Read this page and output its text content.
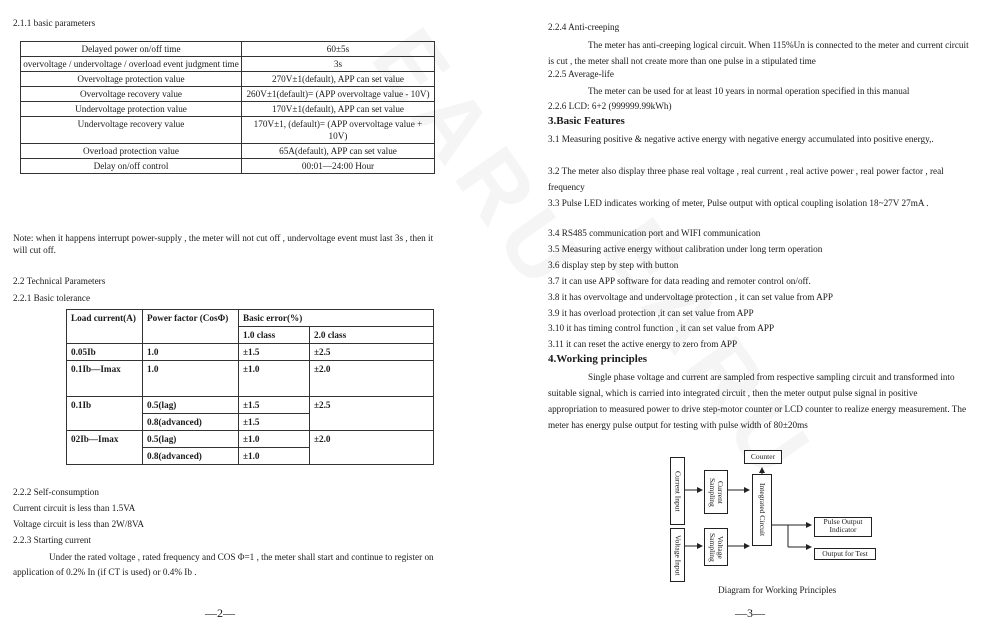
2.1.1 basic parameters
Delayed power on/off time	60±5s
overvoltage / undervoltage / overload event judgment time	3s
Overvoltage protection value	270V±1(default), APP can set value
Overvoltage recovery value	260V±1(default)= (APP overvoltage value - 10V)
Undervoltage protection value	170V±1(default), APP can set value
Undervoltage recovery value	170V±1, (default)= (APP overvoltage value + 10V)
Overload protection value	65A(default), APP can set value
Delay on/off control	00:01—24:00 Hour
Note: when it happens interrupt power-supply , the meter will not cut off , undervoltage event must last 3s , then it will cut off.
2.2 Technical Parameters
2.2.1 Basic tolerance
Load current(A)	Power factor (CosΦ)	Basic error(%)	
		1.0 class	2.0 class
0.05Ib	1.0	±1.5	±2.5
0.1Ib—Imax	1.0	±1.0	±2.0
0.1Ib	0.5(lag)	±1.5	±2.5
	0.8(advanced)	±1.5	
02Ib—Imax	0.5(lag)	±1.0	±2.0
	0.8(advanced)	±1.0	
2.2.2 Self-consumption
Current circuit is less than 1.5VA
Voltage circuit is less than 2W/8VA
2.2.3 Starting current
Under the rated voltage , rated frequency and COS Φ=1 , the meter shall start and continue to register on application of 0.2% In (if CT is used) or 0.4% Ib .
—2—
2.2.4 Anti-creeping
The meter has anti-creeping logical circuit. When 115%Un is connected to the meter and current circuit is cut , the meter shall not create more than one pulse in a stipulated time
2.2.5 Average-life
The meter can be used for at least 10 years in normal operation specified in this manual
2.2.6 LCD: 6+2 (999999.99kWh)
3.Basic Features
3.1 Measuring positive & negative active energy with negative energy accumulated into positive energy,.
3.2 The meter also display three phase real voltage , real current , real active power , real power factor , real frequency
3.3 Pulse LED indicates working of meter, Pulse output with optical coupling isolation 18~27V 27mA .
3.4 RS485 communication port and WIFI communication
3.5 Measuring active energy without calibration under long term operation
3.6 display step by step with button
3.7 it can use APP software for data reading and remoter control on/off.
3.8 it has overvoltage and undervoltage protection , it can set value from APP
3.9 it has overload protection ,it can set value from APP
3.10 it has timing control function , it can set value from APP
3.11 it can reset the active energy to zero from APP
4.Working principles
Single phase voltage and current are sampled from respective sampling circuit and transformed into suitable signal, which is carried into integrated circuit , then the meter output pulse signal in positive appropriation to measured power to drive step-motor counter or LCD counter to realize energy measurement. The meter has energy pulse output for testing with pulse width of 80±20ms
Current Input	Current Sampling
Voltage Input	Voltage Sampling
Integrated Circuit
Counter
Pulse Output Indicator
Output for Test
Diagram for Working Principles
—3—
